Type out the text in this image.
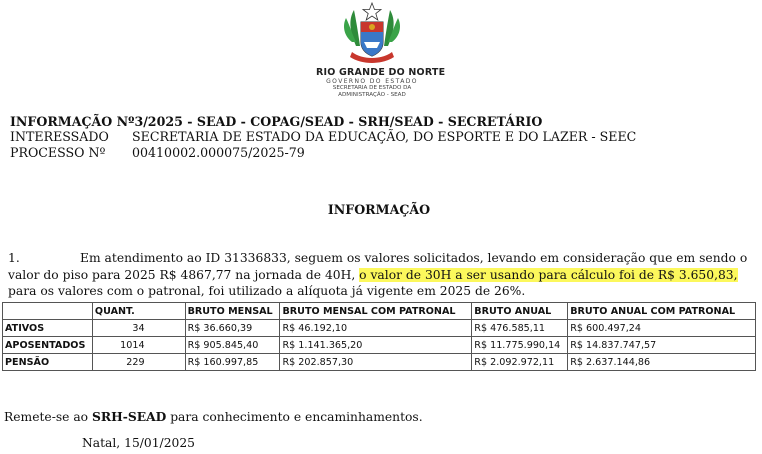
RIO GRANDE DO NORTE
GOVERNO DO ESTADO
SECRETARIA DE ESTADO DA
ADMINISTRAÇÃO - SEAD
INFORMAÇÃO Nº3/2025 - SEAD - COPAG/SEAD - SRH/SEAD - SECRETÁRIO
INTERESSADO SECRETARIA DE ESTADO DA EDUCAÇÃO, DO ESPORTE E DO LAZER - SEEC
PROCESSO Nº 00410002.000075/2025-79
INFORMAÇÃO
1.	Em atendimento ao ID 31336833, seguem os valores solicitados, levando em consideração que em sendo o valor do piso para 2025 R$ 4867,77 na jornada de 40H, o valor de 30H a ser usando para cálculo foi de R$ 3.650,83, para os valores com o patronal, foi utilizado a alíquota já vigente em 2025 de 26%.
	QUANT.	BRUTO MENSAL	BRUTO MENSAL COM PATRONAL	BRUTO ANUAL	BRUTO ANUAL COM PATRONAL
ATIVOS	34	R$ 36.660,39	R$ 46.192,10	R$ 476.585,11	R$ 600.497,24
APOSENTADOS	1014	R$ 905.845,40	R$ 1.141.365,20	R$ 11.775.990,14	R$ 14.837.747,57
PENSÃO	229	R$ 160.997,85	R$ 202.857,30	R$ 2.092.972,11	R$ 2.637.144,86
Remete-se ao SRH-SEAD para conhecimento e encaminhamentos.
Natal, 15/01/2025
